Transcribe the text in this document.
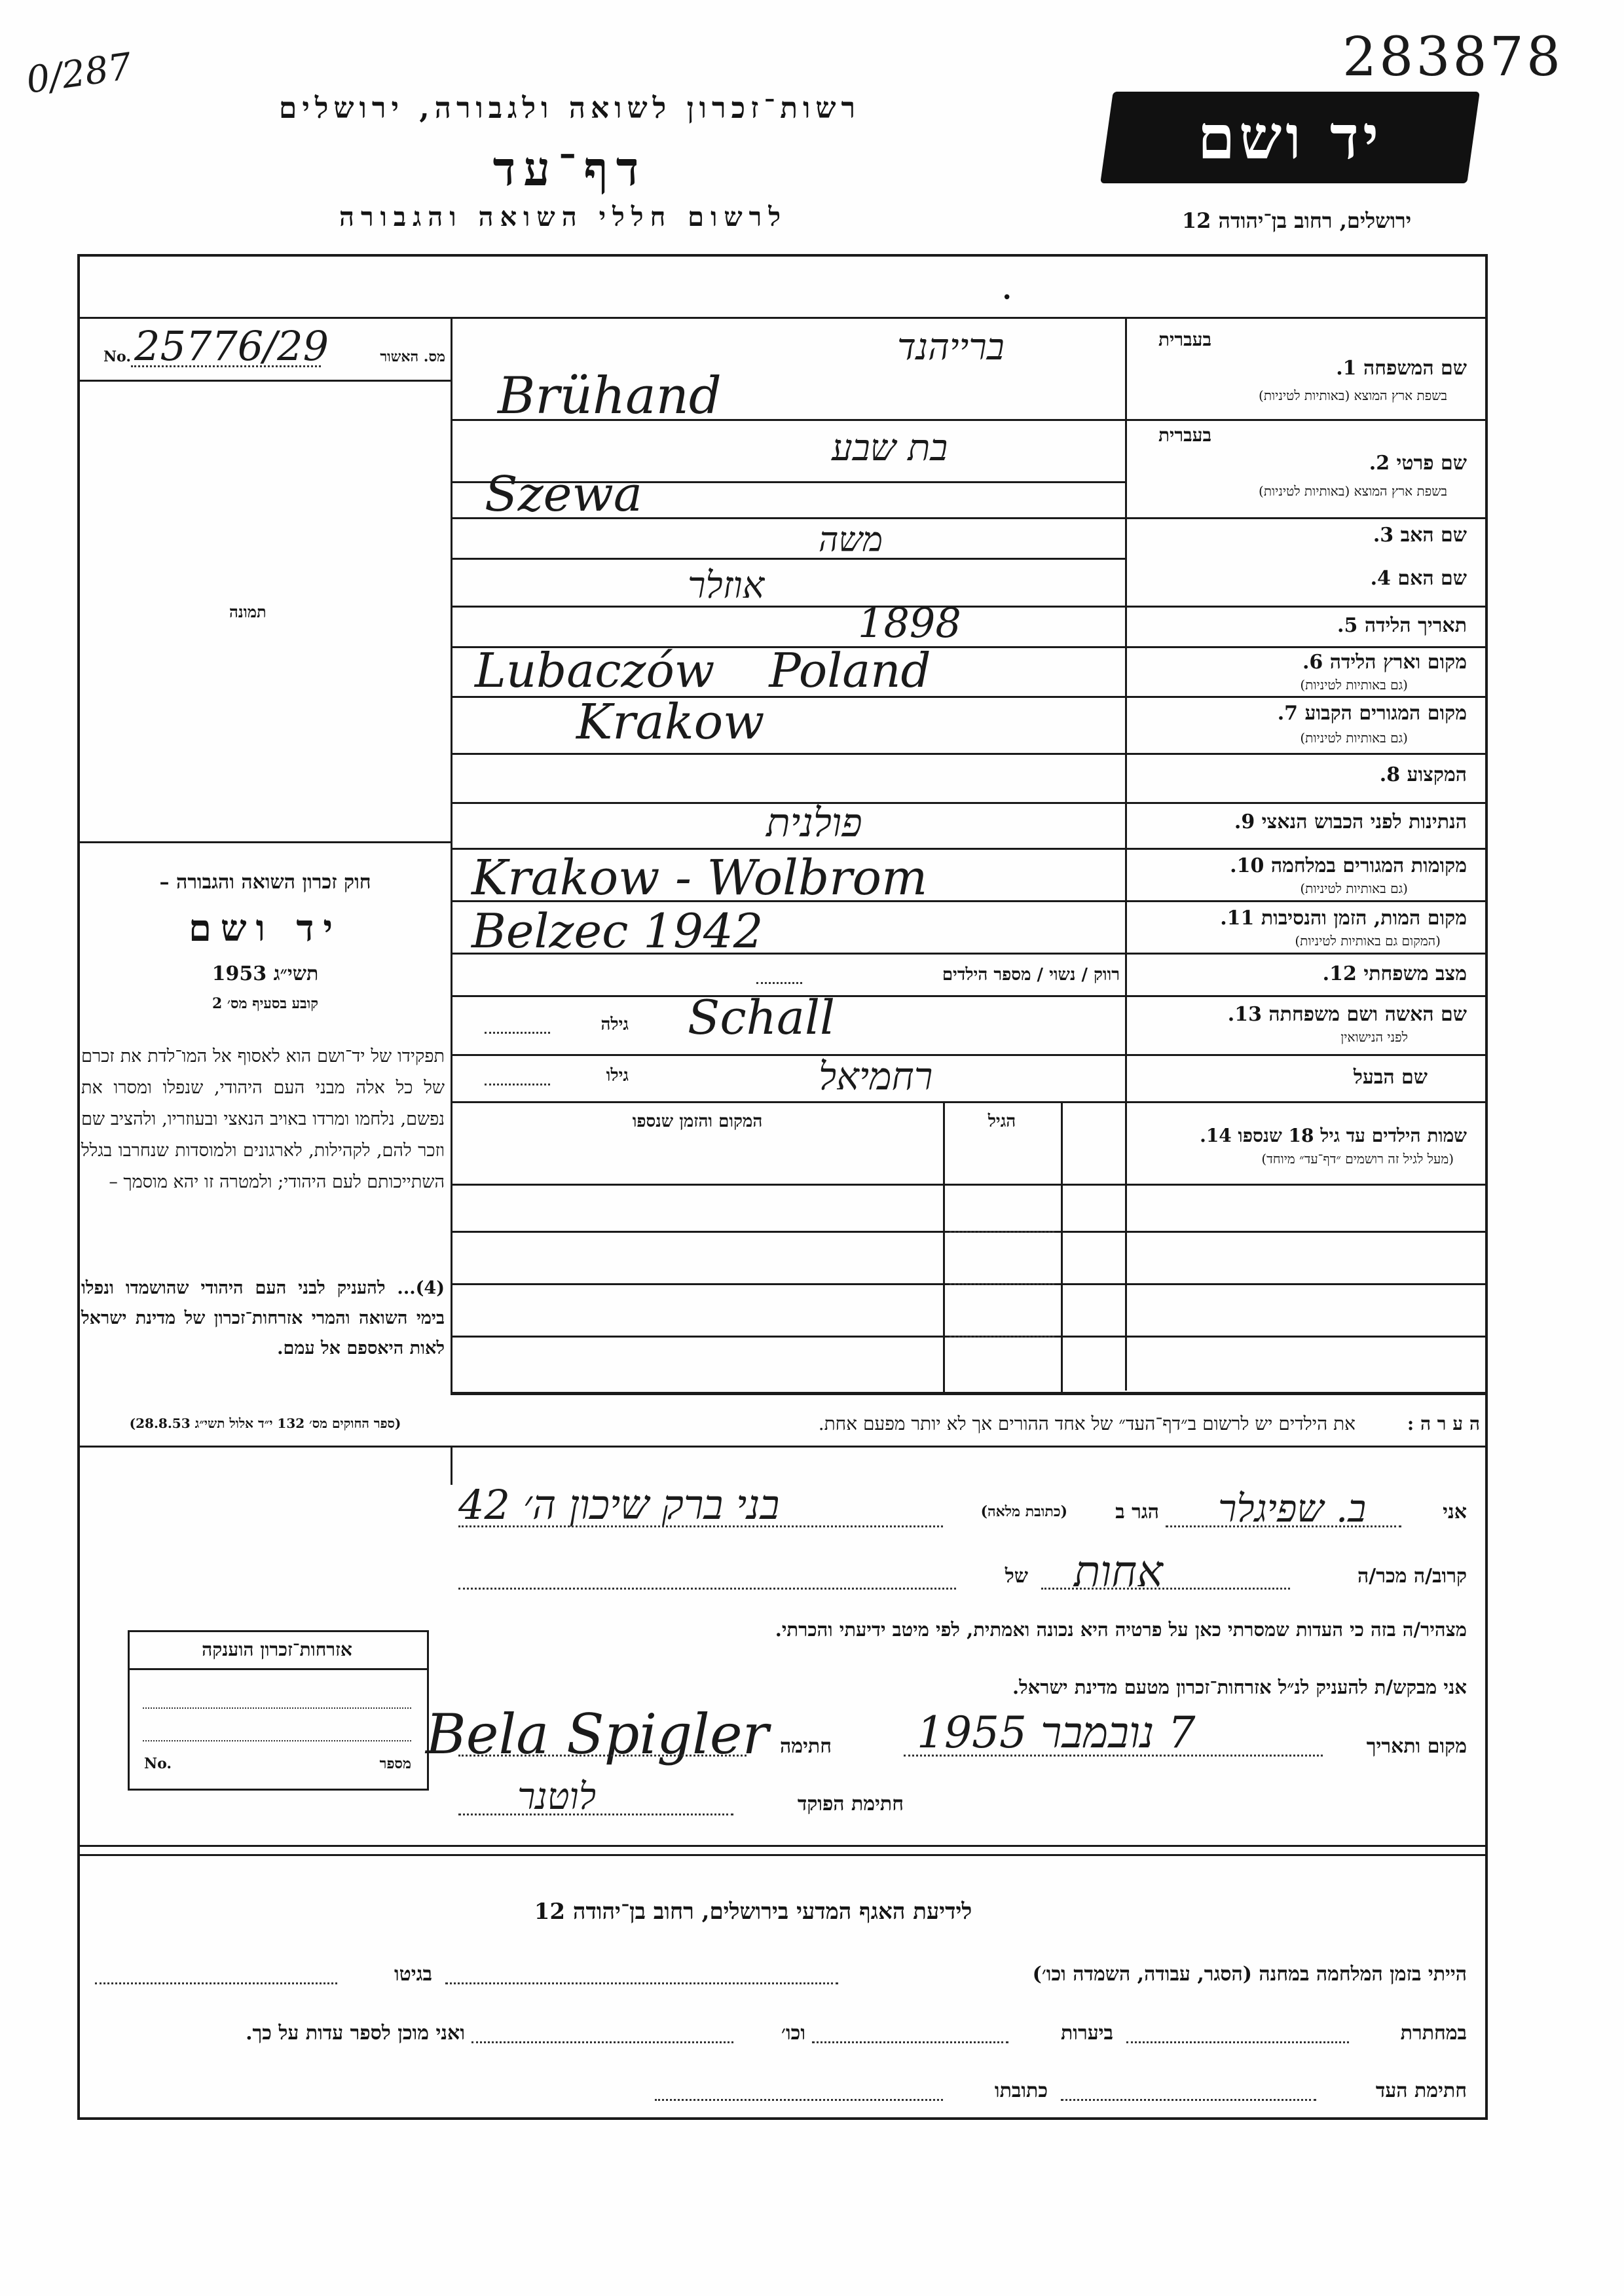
0/287	283878
רשות־זכרון לשואה ולגבורה, ירושלים
דף־עד
לרשום חללי השואה והגבורה
יד ושם
ירושלים, רחוב בן־יהודה 12
•
מס. האשור
No. 25776/29
תמונה
חוק זכרון השואה והגבורה –
יד ושם
תשי״ג 1953
קובע בסעיף מס׳ 2
תפקידו של יד־ושם הוא לאסוף אל המו־לדת את זכרם של כל אלה מבני העם היהודי, שנפלו ומסרו את נפשם, נלחמו ומרדו באויב הנאצי ובעוזריו, ולהציב שם וזכר להם, לקהילות, לארגונים ולמוסדות שנחרבו בגלל השתייכותם לעם היהודי; ולמטרה זו יהא מוסמך –
(4)... להעניק לבני העם היהודי שהושמדו ונפלו בימי השואה והמרי אזרחות־זכרון של מדינת ישראל לאות היאספם אל עמם.
(ספר החוקים מס׳ 132 י״ד אלול תשי״ג 28.8.53)
בעברית
שם המשפחה 1.
בשפת ארץ המוצא (באותיות לטיניות)
בעברית
שם פרטי 2.
בשפת ארץ המוצא (באותיות לטיניות)
שם האב 3.
שם האם 4.
תאריך הלידה 5.
מקום וארץ הלידה 6.
(גם באותיות לטיניות)
מקום המגורים הקבוע 7.
(גם באותיות לטיניות)
המקצוע 8.
הנתינות לפני הכבוש הנאצי 9.
מקומות המגורים במלחמה 10.
(גם באותיות לטיניות)
מקום המות, הזמן והנסיבות 11.
(המקום גם באותיות לטיניות)
מצב משפחתי 12.
שם האשה ושם משפחתה 13.
לפני הנישואין
שם הבעל
שמות הילדים עד גיל 18 שנספו 14.
(מעל לגיל זה רושמים ״דף־עד״ מיוחד)
ברייהנד
Brühand
בת שבע
Szewa
משה
אוזלר
1898
Lubaczów Poland
Krakow
פולנית
Krakow - Wolbrom
Belzec 1942
רווק / נשוי / מספר הילדים
Schall
גילה
רחמיאל
גילו
הגיל
המקום והזמן שנספו
ה ע ר ה :
את הילדים יש לרשום ב״דף־העד״ של אחד ההורים אך לא יותר מפעם אחת.
אני
ב. שפיגלר
הגר ב
(כתובת מלאה)
בני ברק שיכון ה׳ 42
קרוב/ה מכר/ה
אחות
של
מצהיר/ה בזה כי העדות שמסרתי כאן על פרטיה היא נכונה ואמתית, לפי מיטב ידיעתי והכרתי.
אזרחות־זכרון הוענקה
מספר
No.
אני מבקש/ת להעניק לנ״ל אזרחות־זכרון מטעם מדינת ישראל.
מקום ותאריך
7 נובמבר 1955
חתימה
Bela Spigler
חתימת הפוקד
לוטנר
לידיעת האגף המדעי בירושלים, רחוב בן־יהודה 12
הייתי בזמן המלחמה במחנה (הסגר, עבודה, השמדה וכו׳)
בגיטו
במחתרת
ביערות
וכו׳
ואני מוכן לספר עדות על כך.
חתימת העד
כתובתו
